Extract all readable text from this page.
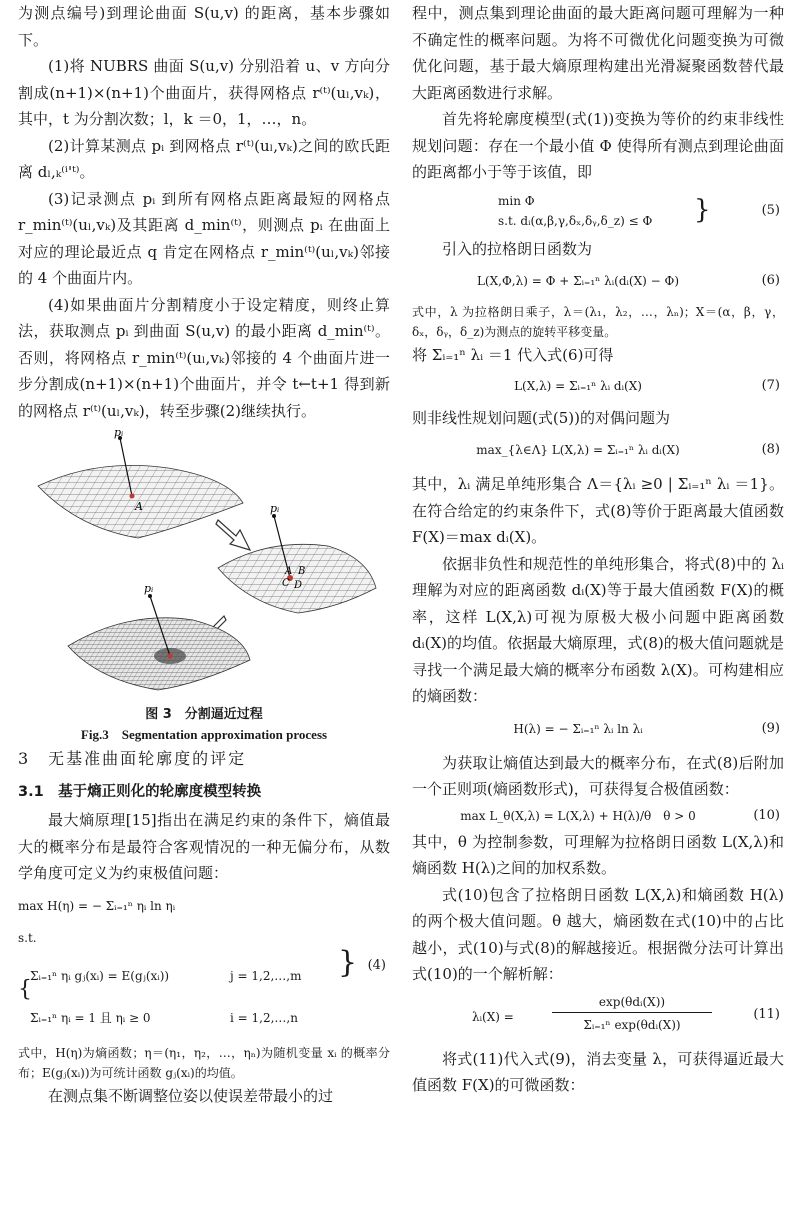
为测点编号)到理论曲面 S(u,v) 的距离，基本步骤如下。

(1)将 NUBRS 曲面 S(u,v) 分别沿着 u、v 方向分割成(n+1)×(n+1)个曲面片，获得网格点 r⁽ᵗ⁾(uₗ,vₖ)，其中，t 为分割次数；l，k ＝0，1，…，n。

(2)计算某测点 pᵢ 到网格点 r⁽ᵗ⁾(uₗ,vₖ)之间的欧氏距离 dₗ,ₖ⁽ⁱ'ᵗ⁾。

(3)记录测点 pᵢ 到所有网格点距离最短的网格点 r_min⁽ᵗ⁾(uₗ,vₖ)及其距离 d_min⁽ᵗ⁾，则测点 pᵢ 在曲面上对应的理论最近点 q 肯定在网格点 r_min⁽ᵗ⁾(uₗ,vₖ)邻接的 4 个曲面片内。

(4)如果曲面片分割精度小于设定精度，则终止算法，获取测点 pᵢ 到曲面 S(u,v) 的最小距离 d_min⁽ᵗ⁾。否则，将网格点 r_min⁽ᵗ⁾(uₗ,vₖ)邻接的 4 个曲面片进一步分割成(n+1)×(n+1)个曲面片，并令 t←t+1 得到新的网格点 r⁽ᵗ⁾(uₗ,vₖ)，转至步骤(2)继续执行。

pᵢ
A	pᵢ
A B
C D
pᵢ
图 3　分割逼近过程
Fig.3　Segmentation approximation process
3　无基准曲面轮廓度的评定
3.1　基于熵正则化的轮廓度模型转换

最大熵原理[15]指出在满足约束的条件下，熵值最大的概率分布是最符合客观情况的一种无偏分布，从数学角度可定义为约束极值问题：

max H(η) = − Σᵢ₌₁ⁿ ηᵢ ln ηᵢ
s.t.
{
Σᵢ₌₁ⁿ ηᵢ gⱼ(xᵢ) = E(gⱼ(xᵢ))	j = 1,2,…,m
Σᵢ₌₁ⁿ ηᵢ = 1 且 ηᵢ ≥ 0	i = 1,2,…,n
} (4)

式中，H(η)为熵函数；η＝(η₁，η₂，…，ηₙ)为随机变量 xᵢ 的概率分布；E(gⱼ(xᵢ))为可统计函数 gⱼ(xᵢ)的均值。

在测点集不断调整位姿以使误差带最小的过

程中，测点集到理论曲面的最大距离问题可理解为一种不确定性的概率问题。为将不可微优化问题变换为可微优化问题，基于最大熵原理构建出光滑凝聚函数替代最大距离函数进行求解。

首先将轮廓度模型(式(1))变换为等价的约束非线性规划问题：存在一个最小值 Φ 使得所有测点到理论曲面的距离都小于等于该值，即

min Φ
s.t. dᵢ(α,β,γ,δₓ,δᵧ,δ_z) ≤ Φ }	(5)

引入的拉格朗日函数为

L(X,Φ,λ) = Φ + Σᵢ₌₁ⁿ λᵢ(dᵢ(X) − Φ)	(6)

式中，λ 为拉格朗日乘子，λ＝(λ₁，λ₂，…，λₙ)；X＝(α，β，γ，δₓ，δᵧ，δ_z)为测点的旋转平移变量。

将 Σᵢ₌₁ⁿ λᵢ ＝1 代入式(6)可得

L(X,λ) = Σᵢ₌₁ⁿ λᵢ dᵢ(X)	(7)

则非线性规划问题(式(5))的对偶问题为

max_{λ∈Λ} L(X,λ) = Σᵢ₌₁ⁿ λᵢ dᵢ(X)	(8)

其中，λᵢ 满足单纯形集合 Λ＝{λᵢ ≥0 | Σᵢ₌₁ⁿ λᵢ ＝1}。在符合给定的约束条件下，式(8)等价于距离最大值函数 F(X)＝max dᵢ(X)。

依据非负性和规范性的单纯形集合，将式(8)中的 λᵢ 理解为对应的距离函数 dᵢ(X)等于最大值函数 F(X)的概率，这样 L(X,λ)可视为原极大极小问题中距离函数 dᵢ(X)的均值。依据最大熵原理，式(8)的极大值问题就是寻找一个满足最大熵的概率分布函数 λ(X)。可构建相应的熵函数：

H(λ) = − Σᵢ₌₁ⁿ λᵢ ln λᵢ	(9)

为获取让熵值达到最大的概率分布，在式(8)后附加一个正则项(熵函数形式)，可获得复合极值函数：

max L_θ(X,λ) = L(X,λ) + H(λ)/θ　θ > 0	(10)

其中，θ 为控制参数，可理解为拉格朗日函数 L(X,λ)和熵函数 H(λ)之间的加权系数。

式(10)包含了拉格朗日函数 L(X,λ)和熵函数 H(λ)的两个极大值问题。θ 越大，熵函数在式(10)中的占比越小，式(10)与式(8)的解越接近。根据微分法可计算出式(10)的一个解析解：

λᵢ(X) =
exp(θdᵢ(X))
Σᵢ₌₁ⁿ exp(θdᵢ(X))
(11)

将式(11)代入式(9)，消去变量 λ，可获得逼近最大值函数 F(X)的可微函数：
